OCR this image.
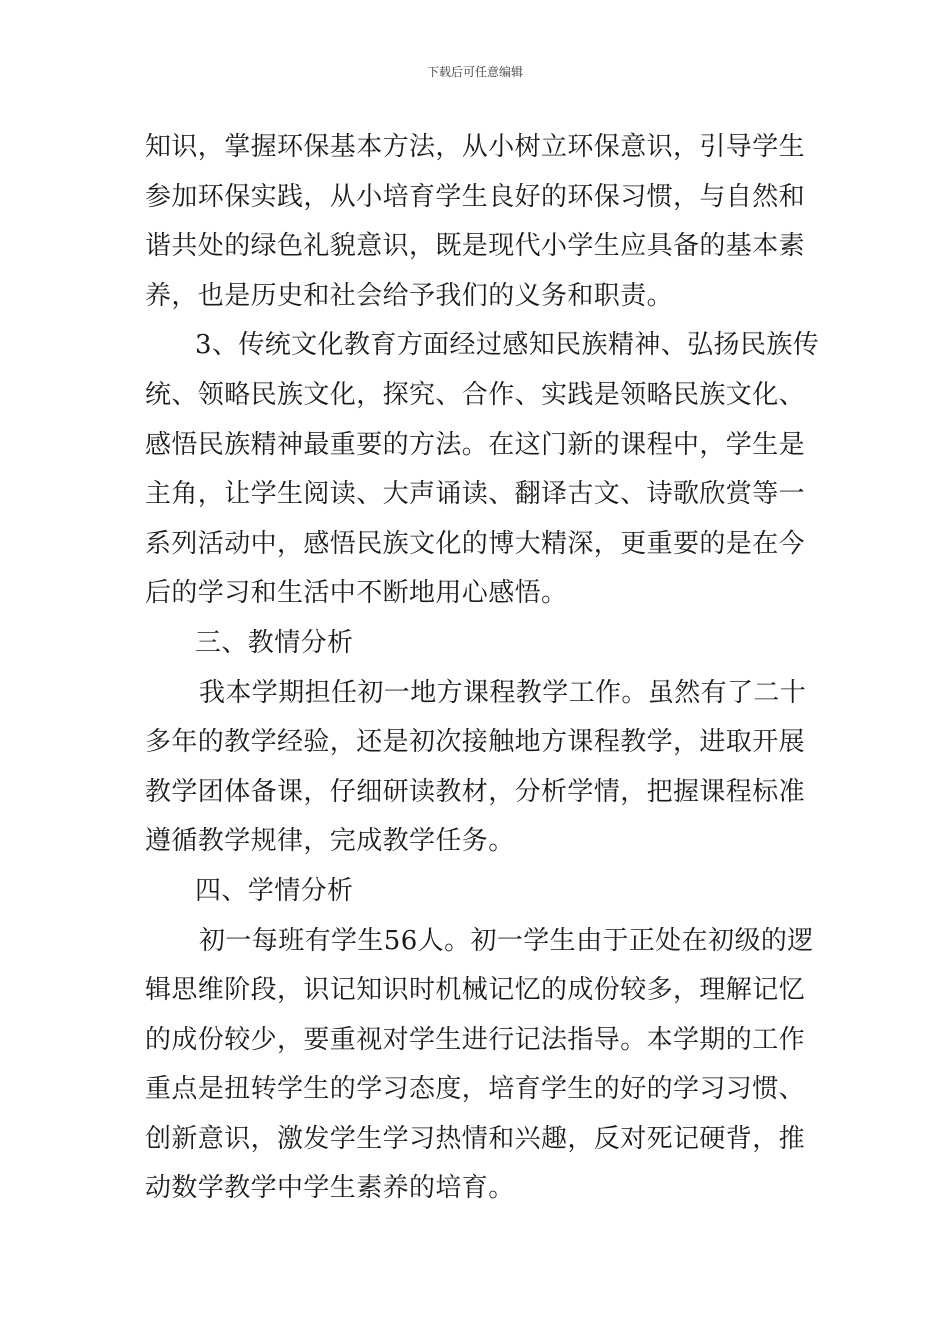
下载后可任意编辑

知识，掌握环保基本方法，从小树立环保意识，引导学生
参加环保实践，从小培育学生良好的环保习惯，与自然和
谐共处的绿色礼貌意识，既是现代小学生应具备的基本素
养，也是历史和社会给予我们的义务和职责。

3、传统文化教育方面经过感知民族精神、弘扬民族传
统、领略民族文化，探究、合作、实践是领略民族文化、
感悟民族精神最重要的方法。在这门新的课程中，学生是
主角，让学生阅读、大声诵读、翻译古文、诗歌欣赏等一
系列活动中，感悟民族文化的博大精深，更重要的是在今
后的学习和生活中不断地用心感悟。

三、教情分析

我本学期担任初一地方课程教学工作。虽然有了二十
多年的教学经验，还是初次接触地方课程教学，进取开展
教学团体备课，仔细研读教材，分析学情，把握课程标准
遵循教学规律，完成教学任务。

四、学情分析

初一每班有学生56人。初一学生由于正处在初级的逻
辑思维阶段，识记知识时机械记忆的成份较多，理解记忆
的成份较少，要重视对学生进行记法指导。本学期的工作
重点是扭转学生的学习态度，培育学生的好的学习习惯、
创新意识，激发学生学习热情和兴趣，反对死记硬背，推
动数学教学中学生素养的培育。
